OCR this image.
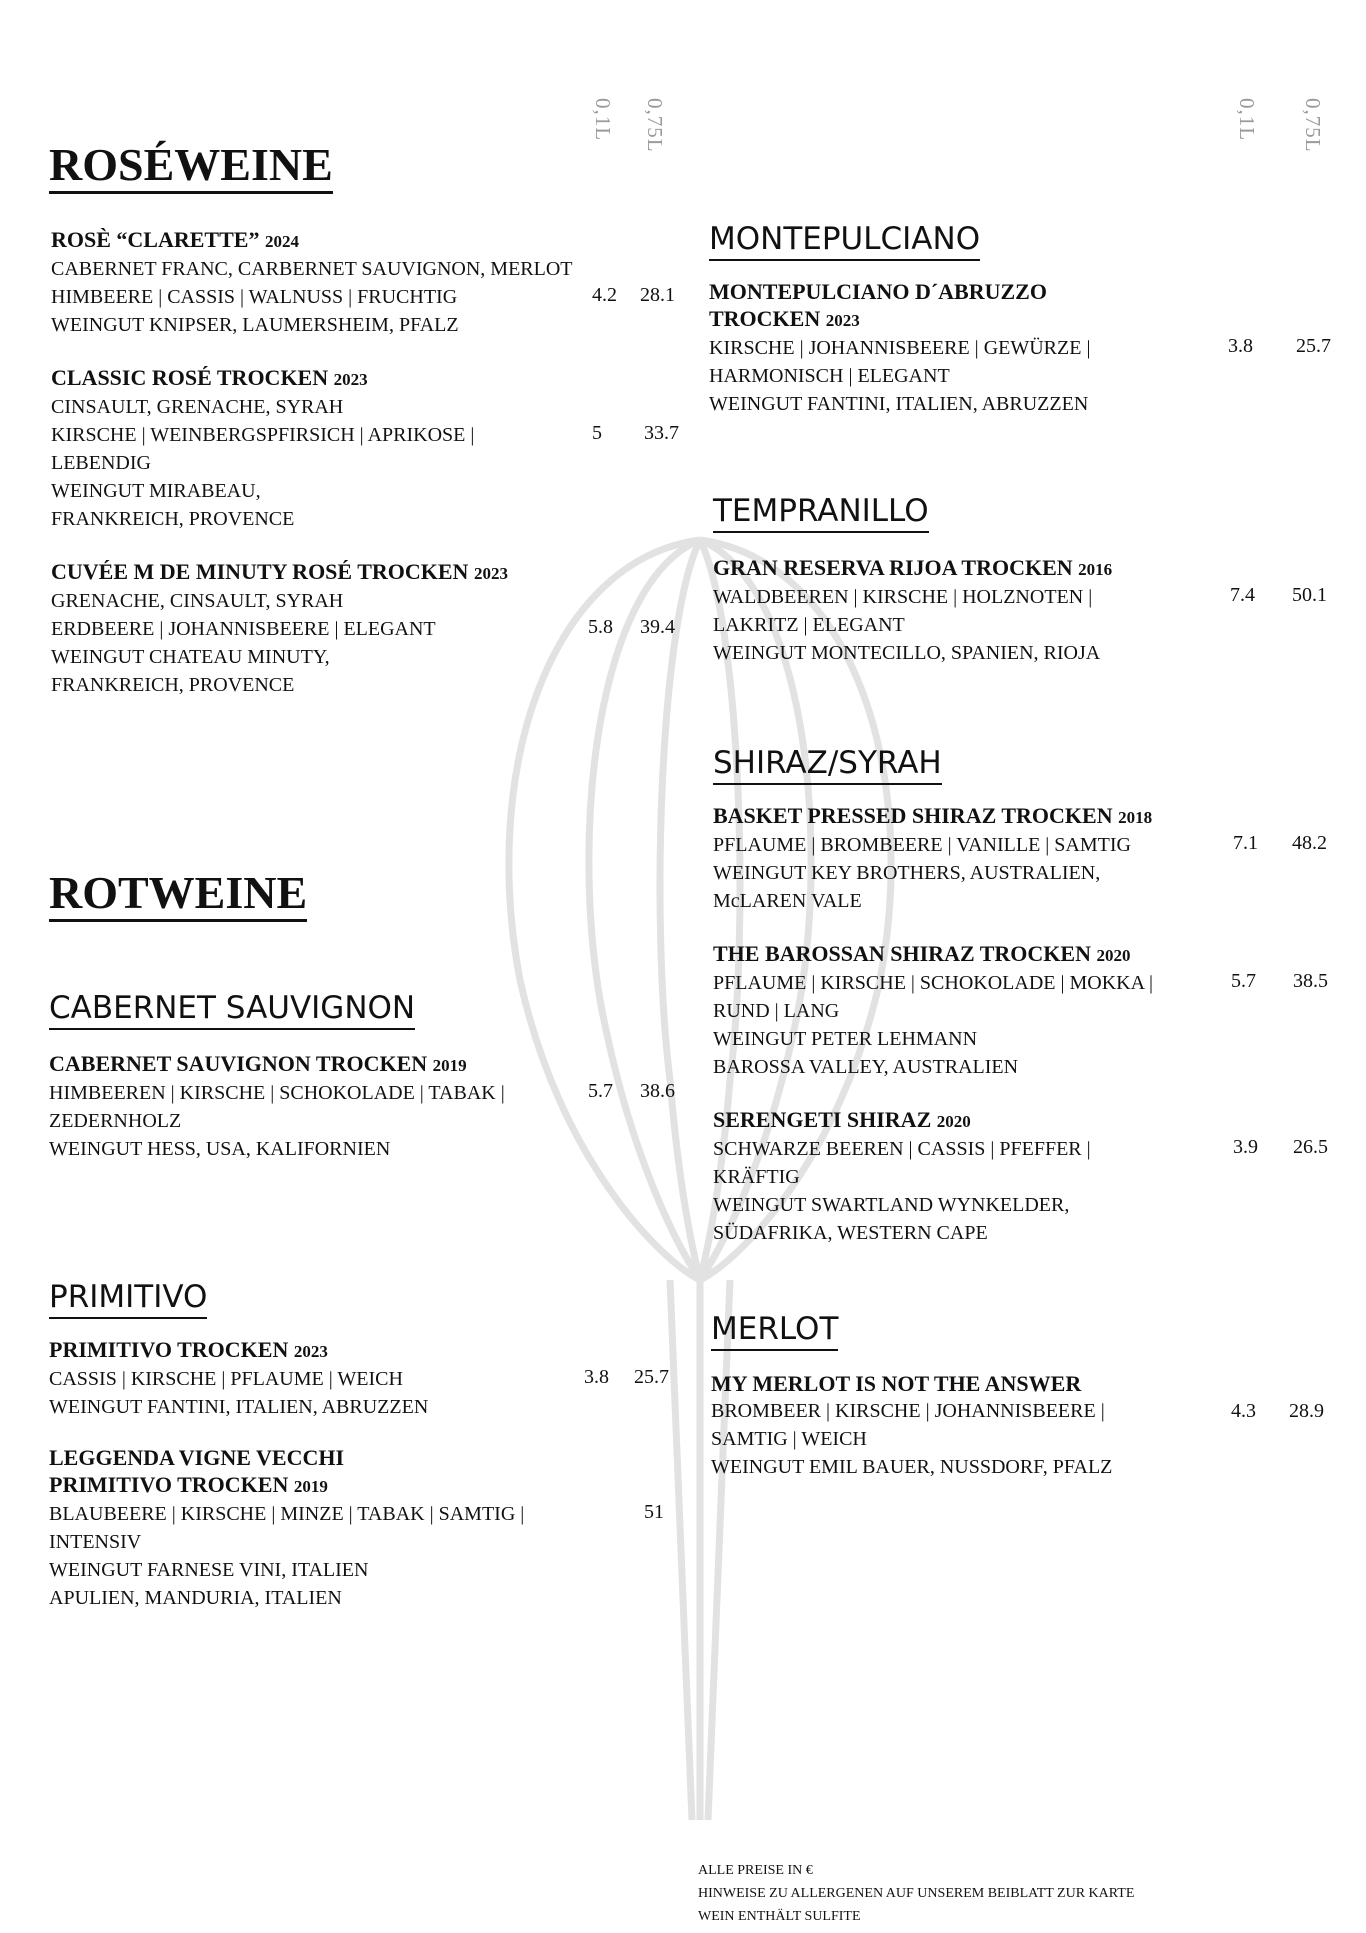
0,1L 0,75L	0,1L 0,75L
ROSÉWEINE
ROSÈ “CLARETTE” 2024
CABERNET FRANC, CARBERNET SAUVIGNON, MERLOT
HIMBEERE | CASSIS | WALNUSS | FRUCHTIG
WEINGUT KNIPSER, LAUMERSHEIM, PFALZ
CLASSIC ROSÉ TROCKEN 2023
CINSAULT, GRENACHE, SYRAH
KIRSCHE | WEINBERGSPFIRSICH | APRIKOSE |
LEBENDIG
WEINGUT MIRABEAU,
FRANKREICH, PROVENCE
CUVÉE M DE MINUTY ROSÉ TROCKEN 2023
GRENACHE, CINSAULT, SYRAH
ERDBEERE | JOHANNISBEERE | ELEGANT
WEINGUT CHATEAU MINUTY,
FRANKREICH, PROVENCE
ROTWEINE
CABERNET SAUVIGNON
CABERNET SAUVIGNON TROCKEN 2019
HIMBEEREN | KIRSCHE | SCHOKOLADE | TABAK |
ZEDERNHOLZ
WEINGUT HESS, USA, KALIFORNIEN
PRIMITIVO
PRIMITIVO TROCKEN 2023
CASSIS | KIRSCHE | PFLAUME | WEICH
WEINGUT FANTINI, ITALIEN, ABRUZZEN
LEGGENDA VIGNE VECCHI
PRIMITIVO TROCKEN 2019
BLAUBEERE | KIRSCHE | MINZE | TABAK | SAMTIG |
INTENSIV
WEINGUT FARNESE VINI, ITALIEN
APULIEN, MANDURIA, ITALIEN
MONTEPULCIANO
MONTEPULCIANO D´ABRUZZO
TROCKEN 2023
KIRSCHE | JOHANNISBEERE | GEWÜRZE |
HARMONISCH | ELEGANT
WEINGUT FANTINI, ITALIEN, ABRUZZEN
TEMPRANILLO
GRAN RESERVA RIJOA TROCKEN 2016
WALDBEEREN | KIRSCHE | HOLZNOTEN |
LAKRITZ | ELEGANT
WEINGUT MONTECILLO, SPANIEN, RIOJA
SHIRAZ/SYRAH
BASKET PRESSED SHIRAZ TROCKEN 2018
PFLAUME | BROMBEERE | VANILLE | SAMTIG
WEINGUT KEY BROTHERS, AUSTRALIEN,
McLAREN VALE
THE BAROSSAN SHIRAZ TROCKEN 2020
PFLAUME | KIRSCHE | SCHOKOLADE | MOKKA |
RUND | LANG
WEINGUT PETER LEHMANN
BAROSSA VALLEY, AUSTRALIEN
SERENGETI SHIRAZ 2020
SCHWARZE BEEREN | CASSIS | PFEFFER |
KRÄFTIG
WEINGUT SWARTLAND WYNKELDER,
SÜDAFRIKA, WESTERN CAPE
MERLOT
MY MERLOT IS NOT THE ANSWER
BROMBEER | KIRSCHE | JOHANNISBEERE |
SAMTIG | WEICH
WEINGUT EMIL BAUER, NUSSDORF, PFALZ
ALLE PREISE IN €
HINWEISE ZU ALLERGENEN AUF UNSEREM BEIBLATT ZUR KARTE
WEIN ENTHÄLT SULFITE
4.2 28.1
5 33.7
5.8 39.4
5.7 38.6
3.8 25.7
51
3.8 25.7
7.4 50.1
7.1 48.2
5.7 38.5
3.9 26.5
4.3 28.9
